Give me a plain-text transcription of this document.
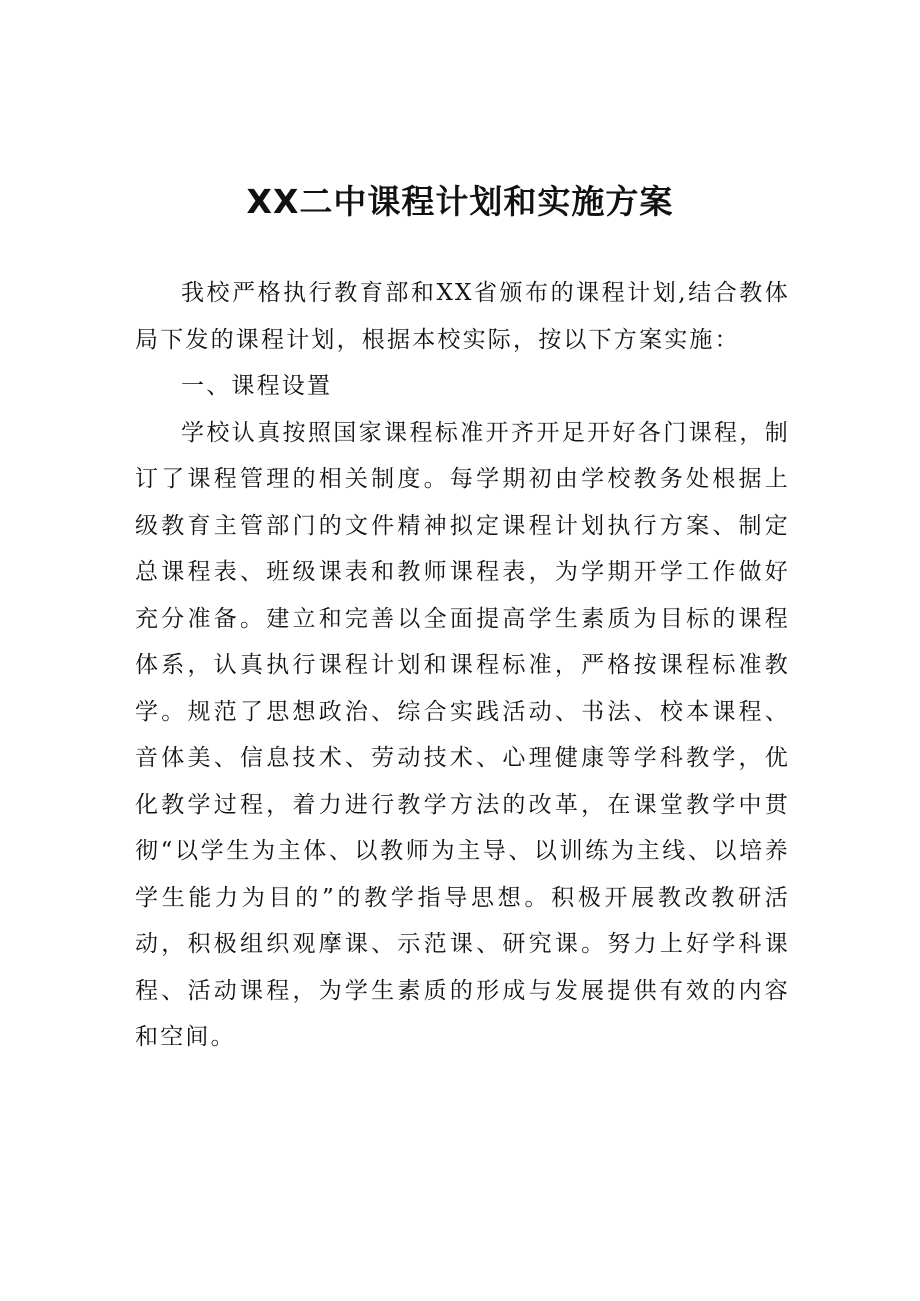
XX二中课程计划和实施方案

我校严格执行教育部和XX省颁布的课程计划,结合教体局下发的课程计划，根据本校实际，按以下方案实施：

一、课程设置

学校认真按照国家课程标准开齐开足开好各门课程，制订了课程管理的相关制度。每学期初由学校教务处根据上级教育主管部门的文件精神拟定课程计划执行方案、制定总课程表、班级课表和教师课程表，为学期开学工作做好充分准备。建立和完善以全面提高学生素质为目标的课程体系，认真执行课程计划和课程标准，严格按课程标准教学。规范了思想政治、综合实践活动、书法、校本课程、音体美、信息技术、劳动技术、心理健康等学科教学，优化教学过程，着力进行教学方法的改革，在课堂教学中贯彻“以学生为主体、以教师为主导、以训练为主线、以培养学生能力为目的”的教学指导思想。积极开展教改教研活动，积极组织观摩课、示范课、研究课。努力上好学科课程、活动课程，为学生素质的形成与发展提供有效的内容和空间。
